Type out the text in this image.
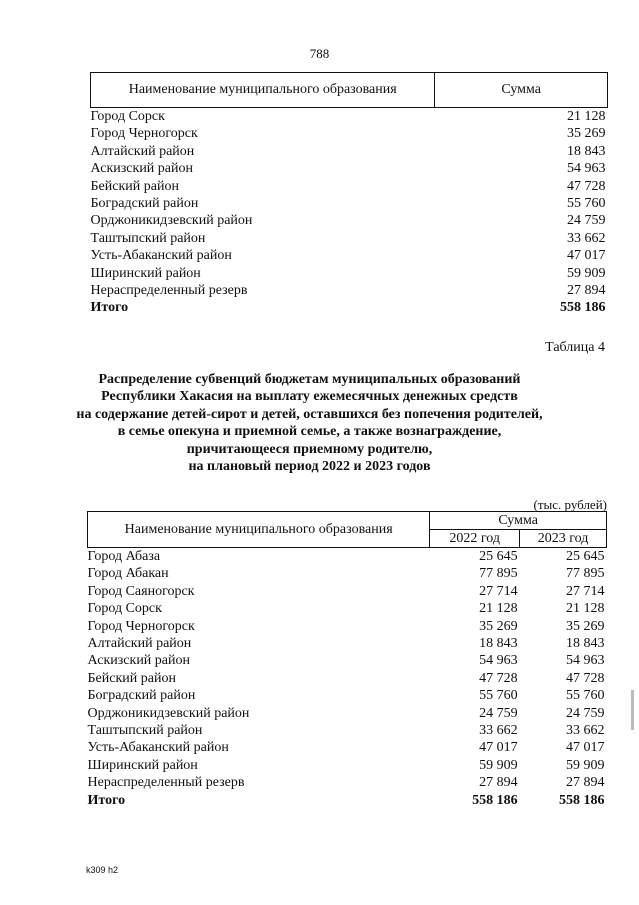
788
Наименование муниципального образования	Сумма
Город Сорск	21 128
Город Черногорск	35 269
Алтайский район	18 843
Аскизский район	54 963
Бейский район	47 728
Боградский район	55 760
Орджоникидзевский район	24 759
Таштыпский район	33 662
Усть-Абаканский район	47 017
Ширинский район	59 909
Нераспределенный резерв	27 894
Итого	558 186
Таблица 4
Распределение субвенций бюджетам муниципальных образований
Республики Хакасия на выплату ежемесячных денежных средств
на содержание детей-сирот и детей, оставшихся без попечения родителей,
в семье опекуна и приемной семье, а также вознаграждение,
причитающееся приемному родителю,
на плановый период 2022 и 2023 годов
(тыс. рублей)
Наименование муниципального образования	Сумма	
	2022 год	2023 год
Город Абаза	25 645	25 645
Город Абакан	77 895	77 895
Город Саяногорск	27 714	27 714
Город Сорск	21 128	21 128
Город Черногорск	35 269	35 269
Алтайский район	18 843	18 843
Аскизский район	54 963	54 963
Бейский район	47 728	47 728
Боградский район	55 760	55 760
Орджоникидзевский район	24 759	24 759
Таштыпский район	33 662	33 662
Усть-Абаканский район	47 017	47 017
Ширинский район	59 909	59 909
Нераспределенный резерв	27 894	27 894
Итого	558 186	558 186
k309 h2
